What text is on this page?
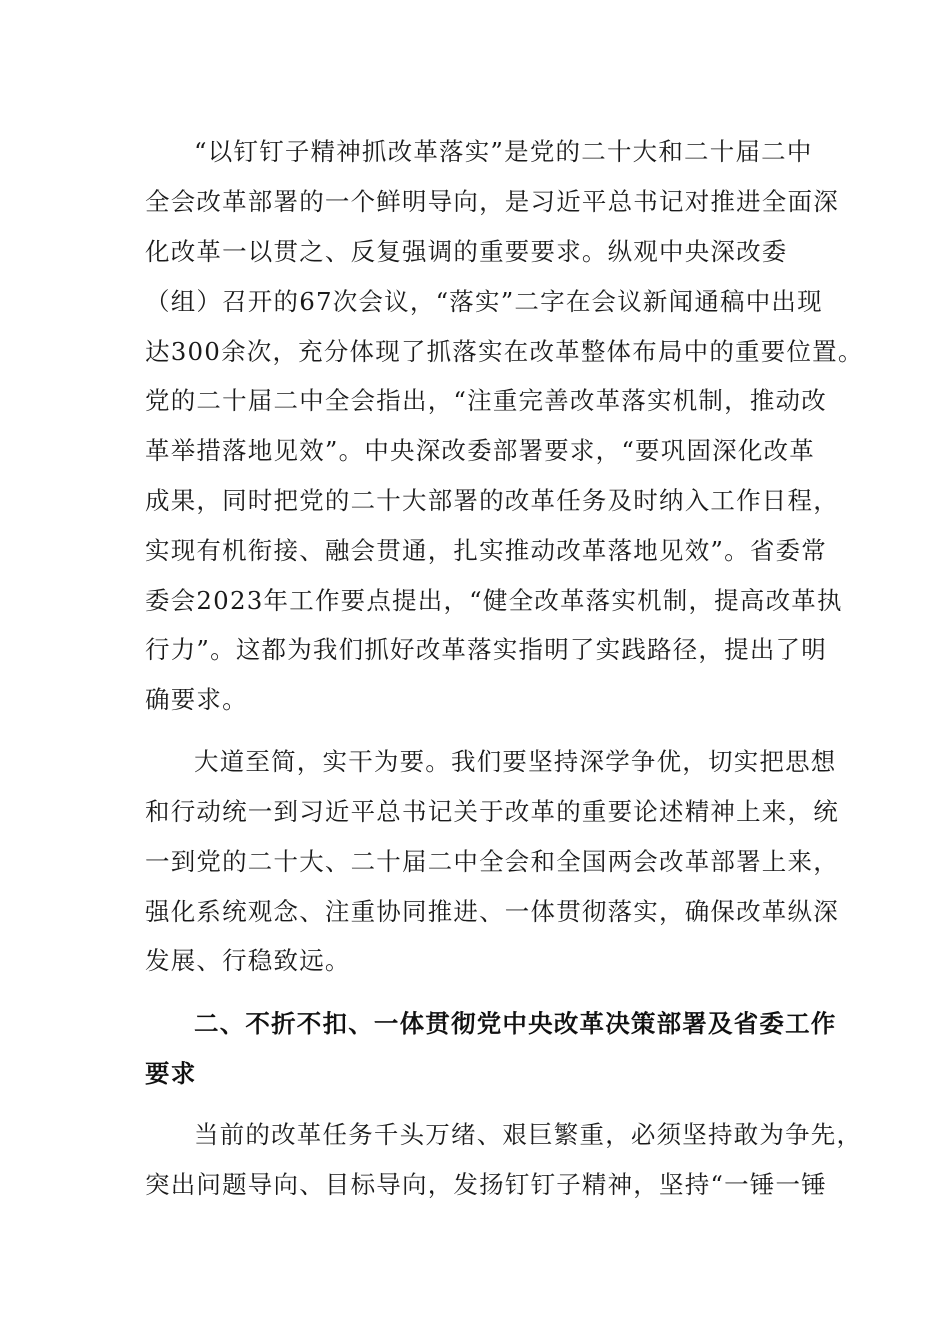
“以钉钉子精神抓改革落实”是党的二十大和二十届二中
全会改革部署的一个鲜明导向，是习近平总书记对推进全面深
化改革一以贯之、反复强调的重要要求。纵观中央深改委
（组）召开的67次会议，“落实”二字在会议新闻通稿中出现
达300余次，充分体现了抓落实在改革整体布局中的重要位置。
党的二十届二中全会指出，“注重完善改革落实机制，推动改
革举措落地见效”。中央深改委部署要求，“要巩固深化改革
成果，同时把党的二十大部署的改革任务及时纳入工作日程，
实现有机衔接、融会贯通，扎实推动改革落地见效”。省委常
委会2023年工作要点提出，“健全改革落实机制，提高改革执
行力”。这都为我们抓好改革落实指明了实践路径，提出了明
确要求。
大道至简，实干为要。我们要坚持深学争优，切实把思想
和行动统一到习近平总书记关于改革的重要论述精神上来，统
一到党的二十大、二十届二中全会和全国两会改革部署上来，
强化系统观念、注重协同推进、一体贯彻落实，确保改革纵深
发展、行稳致远。
二、不折不扣、一体贯彻党中央改革决策部署及省委工作
要求
当前的改革任务千头万绪、艰巨繁重，必须坚持敢为争先，
突出问题导向、目标导向，发扬钉钉子精神，坚持“一锤一锤
